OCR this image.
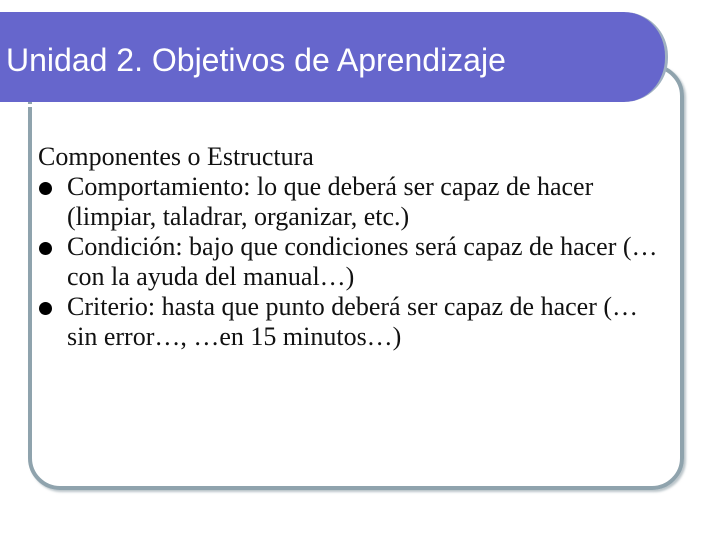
Unidad 2. Objetivos de Aprendizaje

Componentes o Estructura

Comportamiento: lo que deberá ser capaz de hacer (limpiar, taladrar, organizar, etc.)
Condición: bajo que condiciones será capaz de hacer (…con la ayuda del manual…)
Criterio: hasta que punto deberá ser capaz de hacer (…sin error…, …en 15 minutos…)
